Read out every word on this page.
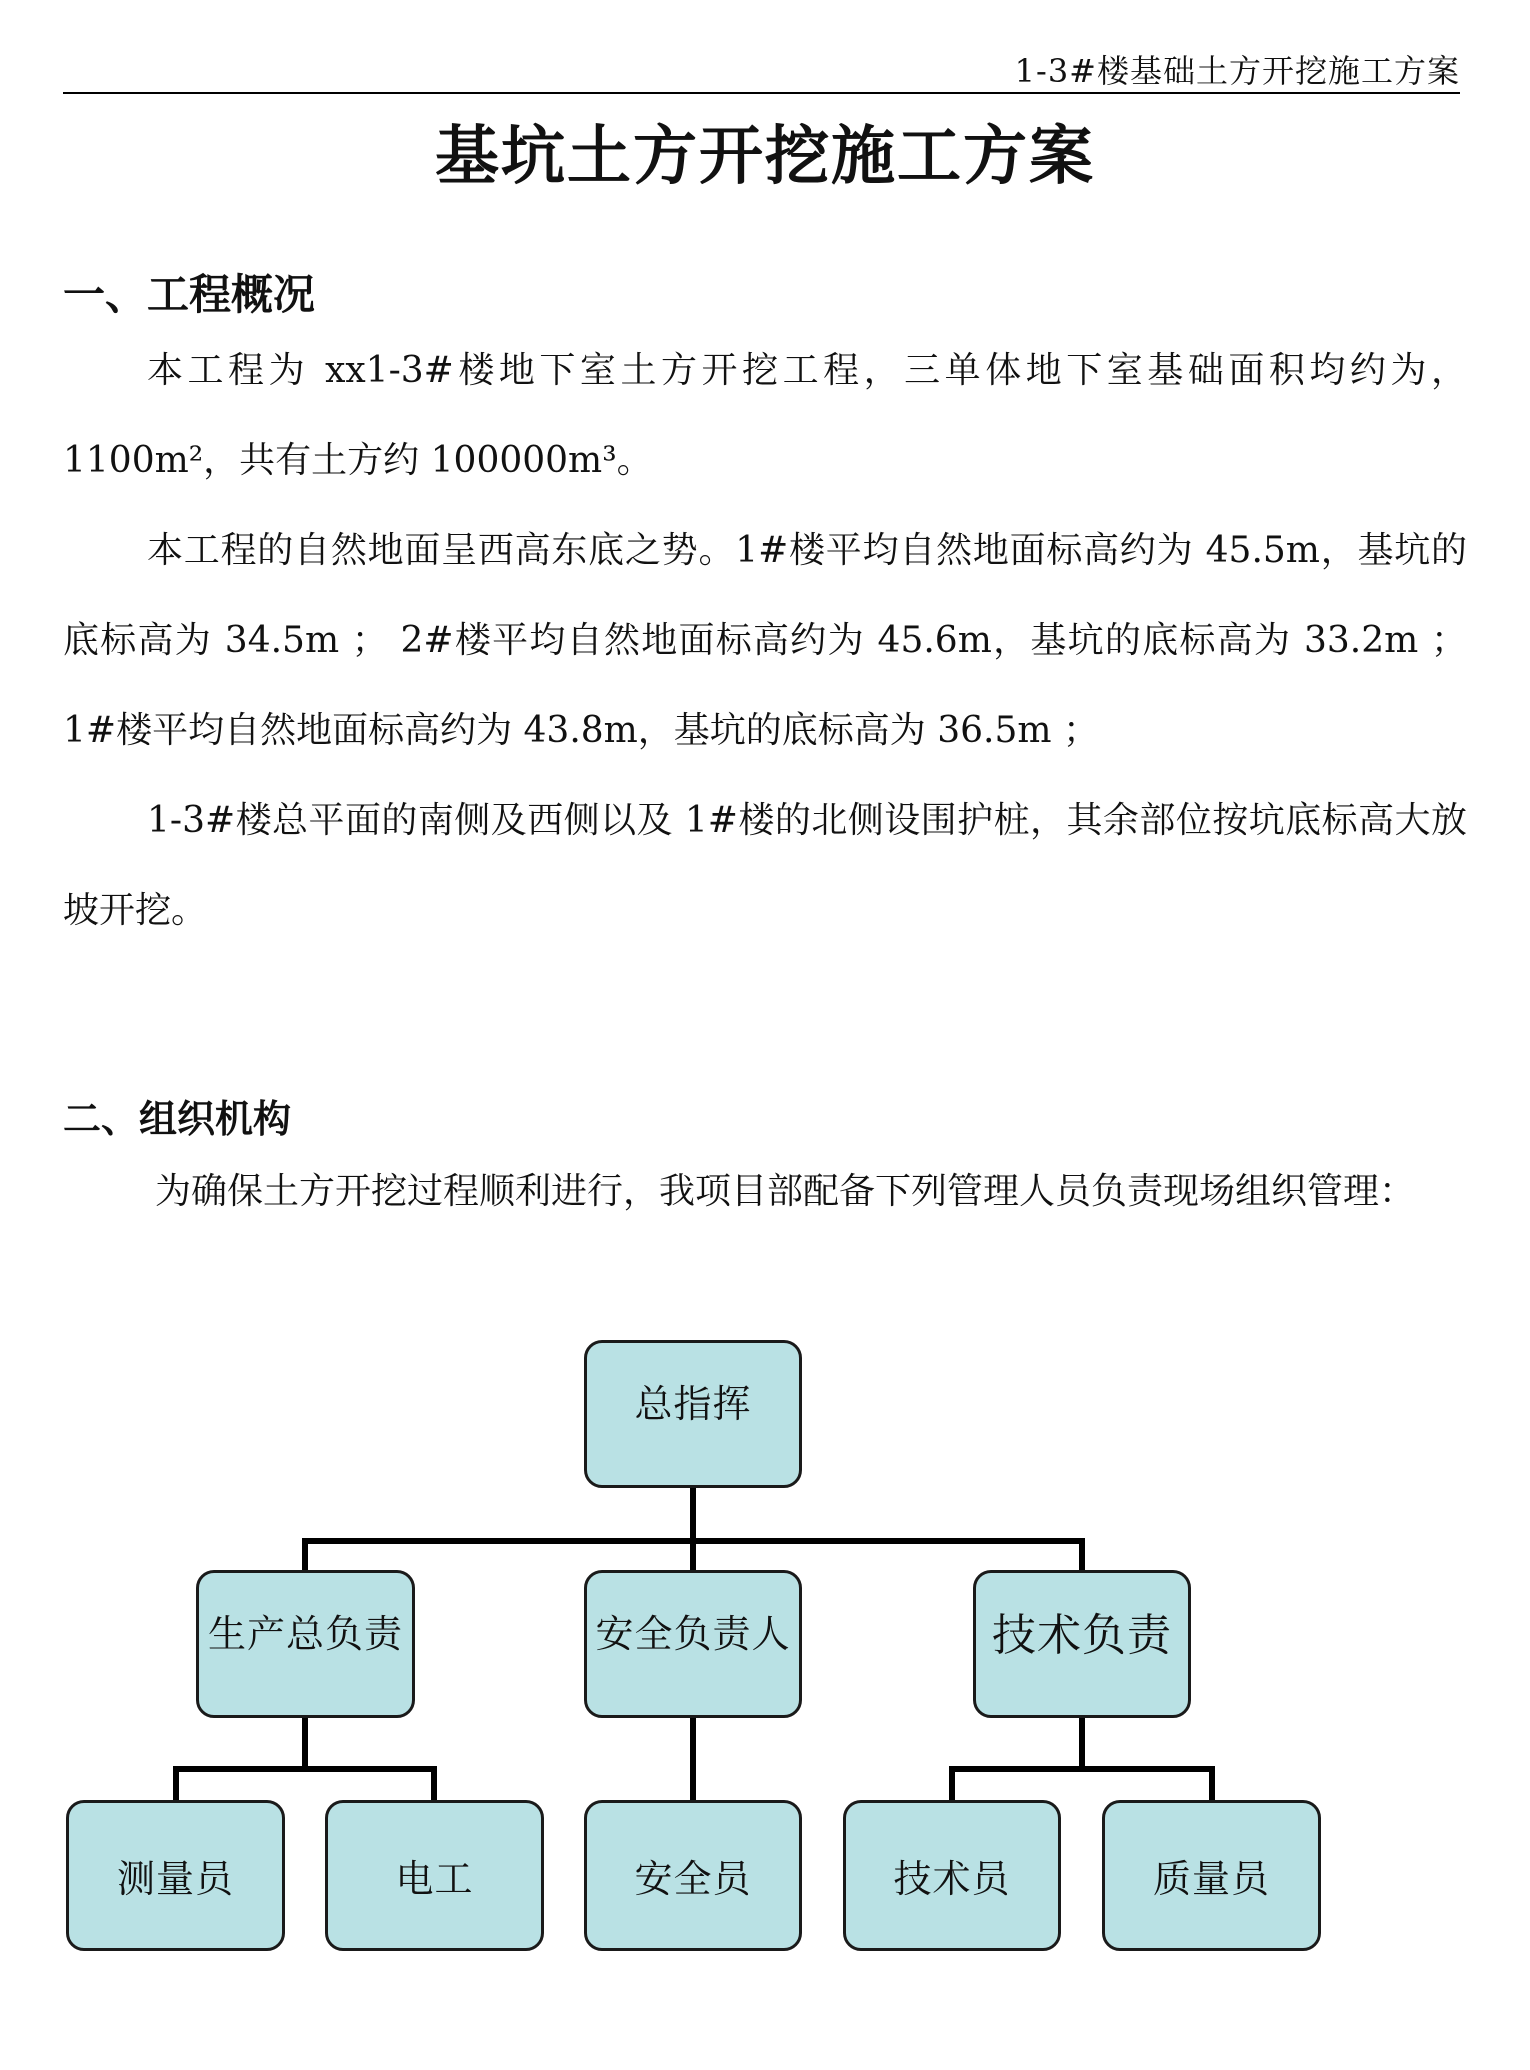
1-3#楼基础土方开挖施工方案
基坑土方开挖施工方案
一、工程概况

本工程为 xx1-3#楼地下室土方开挖工程，三单体地下室基础面积均约为，1100m²，共有土方约 100000m³。

本工程的自然地面呈西高东底之势。1#楼平均自然地面标高约为 45.5m，基坑的底标高为 34.5m ； 2#楼平均自然地面标高约为 45.6m，基坑的底标高为 33.2m ； 1#楼平均自然地面标高约为 43.8m，基坑的底标高为 36.5m ；

1-3#楼总平面的南侧及西侧以及 1#楼的北侧设围护桩，其余部位按坑底标高大放坡开挖。

二、组织机构

为确保土方开挖过程顺利进行，我项目部配备下列管理人员负责现场组织管理：

总指挥
生产总负责	安全负责人	技术负责
测量员	电工	安全员	技术员	质量员
